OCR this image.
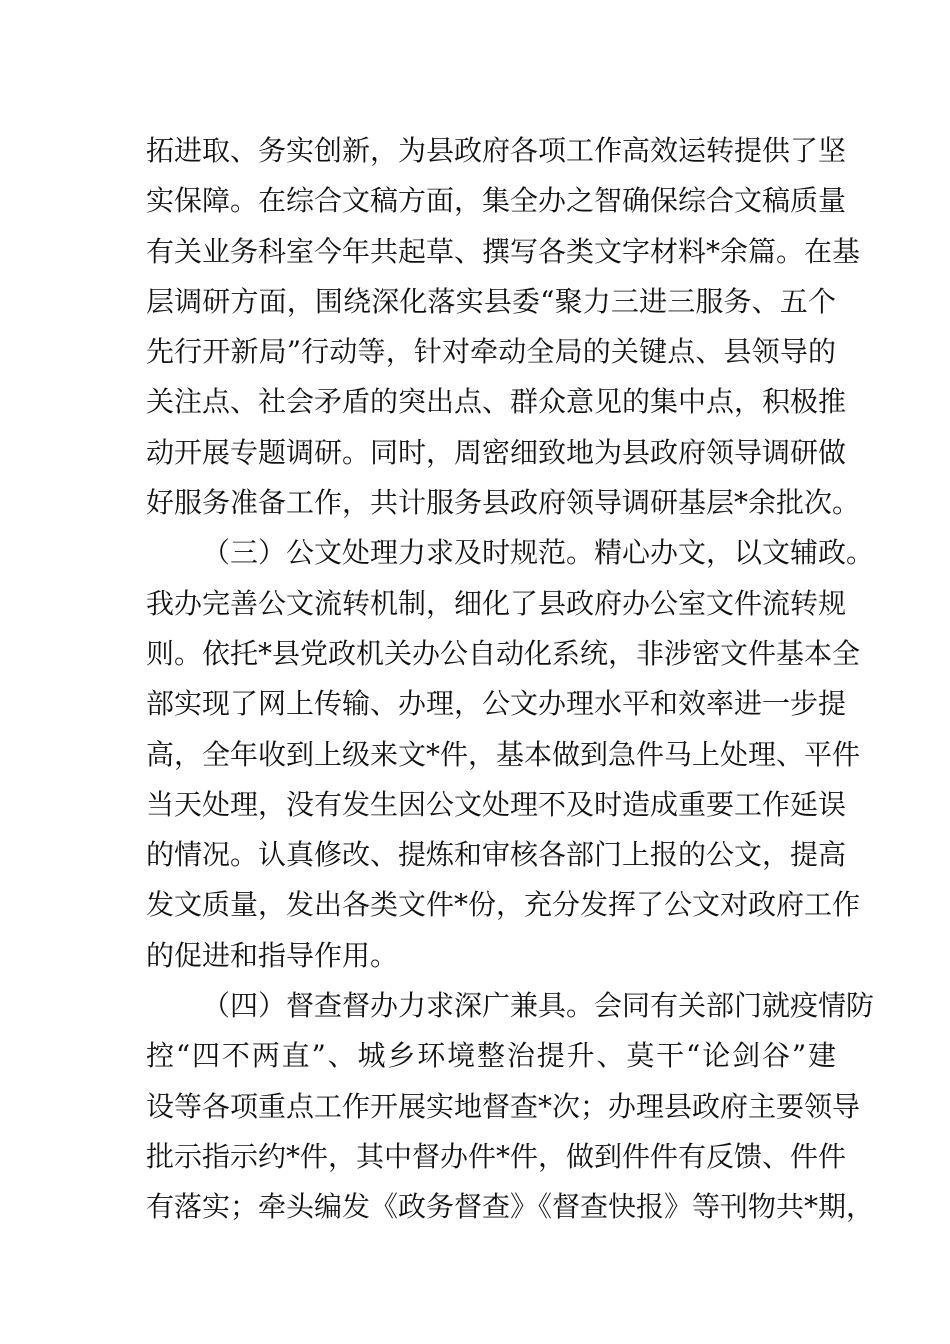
拓进取、务实创新，为县政府各项工作高效运转提供了坚
实保障。在综合文稿方面，集全办之智确保综合文稿质量
有关业务科室今年共起草、撰写各类文字材料*余篇。在基
层调研方面，围绕深化落实县委“聚力三进三服务、五个
先行开新局”行动等，针对牵动全局的关键点、县领导的
关注点、社会矛盾的突出点、群众意见的集中点，积极推
动开展专题调研。同时，周密细致地为县政府领导调研做
好服务准备工作，共计服务县政府领导调研基层*余批次。
（三）公文处理力求及时规范。精心办文，以文辅政。
我办完善公文流转机制，细化了县政府办公室文件流转规
则。依托*县党政机关办公自动化系统，非涉密文件基本全
部实现了网上传输、办理，公文办理水平和效率进一步提
高，全年收到上级来文*件，基本做到急件马上处理、平件
当天处理，没有发生因公文处理不及时造成重要工作延误
的情况。认真修改、提炼和审核各部门上报的公文，提高
发文质量，发出各类文件*份，充分发挥了公文对政府工作
的促进和指导作用。
（四）督查督办力求深广兼具。会同有关部门就疫情防
控“四不两直”、城乡环境整治提升、莫干“论剑谷”建
设等各项重点工作开展实地督查*次；办理县政府主要领导
批示指示约*件，其中督办件*件，做到件件有反馈、件件
有落实；牵头编发《政务督查》《督查快报》等刊物共*期，
